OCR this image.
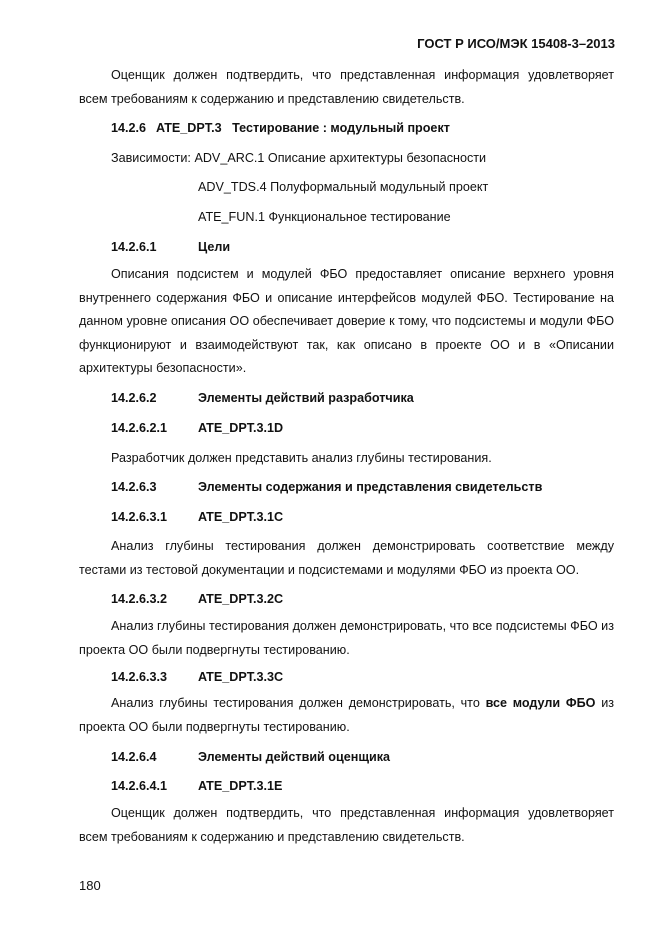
ГОСТ Р ИСО/МЭК 15408-3–2013
Оценщик должен подтвердить, что представленная информация удовлетворяет всем требованиям к содержанию и представлению свидетельств.
14.2.6 ATE_DPT.3 Тестирование : модульный проект
Зависимости: ADV_ARC.1 Описание архитектуры безопасности
ADV_TDS.4 Полуформальный модульный проект
ATE_FUN.1 Функциональное тестирование
14.2.6.1	Цели
Описания подсистем и модулей ФБО предоставляет описание верхнего уровня внутреннего содержания ФБО и описание интерфейсов модулей ФБО. Тестирование на данном уровне описания ОО обеспечивает доверие к тому, что подсистемы и модули ФБО функционируют и взаимодействуют так, как описано в проекте ОО и в «Описании архитектуры безопасности».
14.2.6.2	Элементы действий разработчика
14.2.6.2.1 ATE_DPT.3.1D
Разработчик должен представить анализ глубины тестирования.
14.2.6.3	Элементы содержания и представления свидетельств
14.2.6.3.1 ATE_DPT.3.1C
Анализ глубины тестирования должен демонстрировать соответствие между тестами из тестовой документации и подсистемами и модулями ФБО из проекта ОО.
14.2.6.3.2 ATE_DPT.3.2C
Анализ глубины тестирования должен демонстрировать, что все подсистемы ФБО из проекта ОО были подвергнуты тестированию.
14.2.6.3.3 ATE_DPT.3.3C
Анализ глубины тестирования должен демонстрировать, что все модули ФБО из проекта ОО были подвергнуты тестированию.
14.2.6.4	Элементы действий оценщика
14.2.6.4.1 ATE_DPT.3.1E
Оценщик должен подтвердить, что представленная информация удовлетворяет всем требованиям к содержанию и представлению свидетельств.
180
